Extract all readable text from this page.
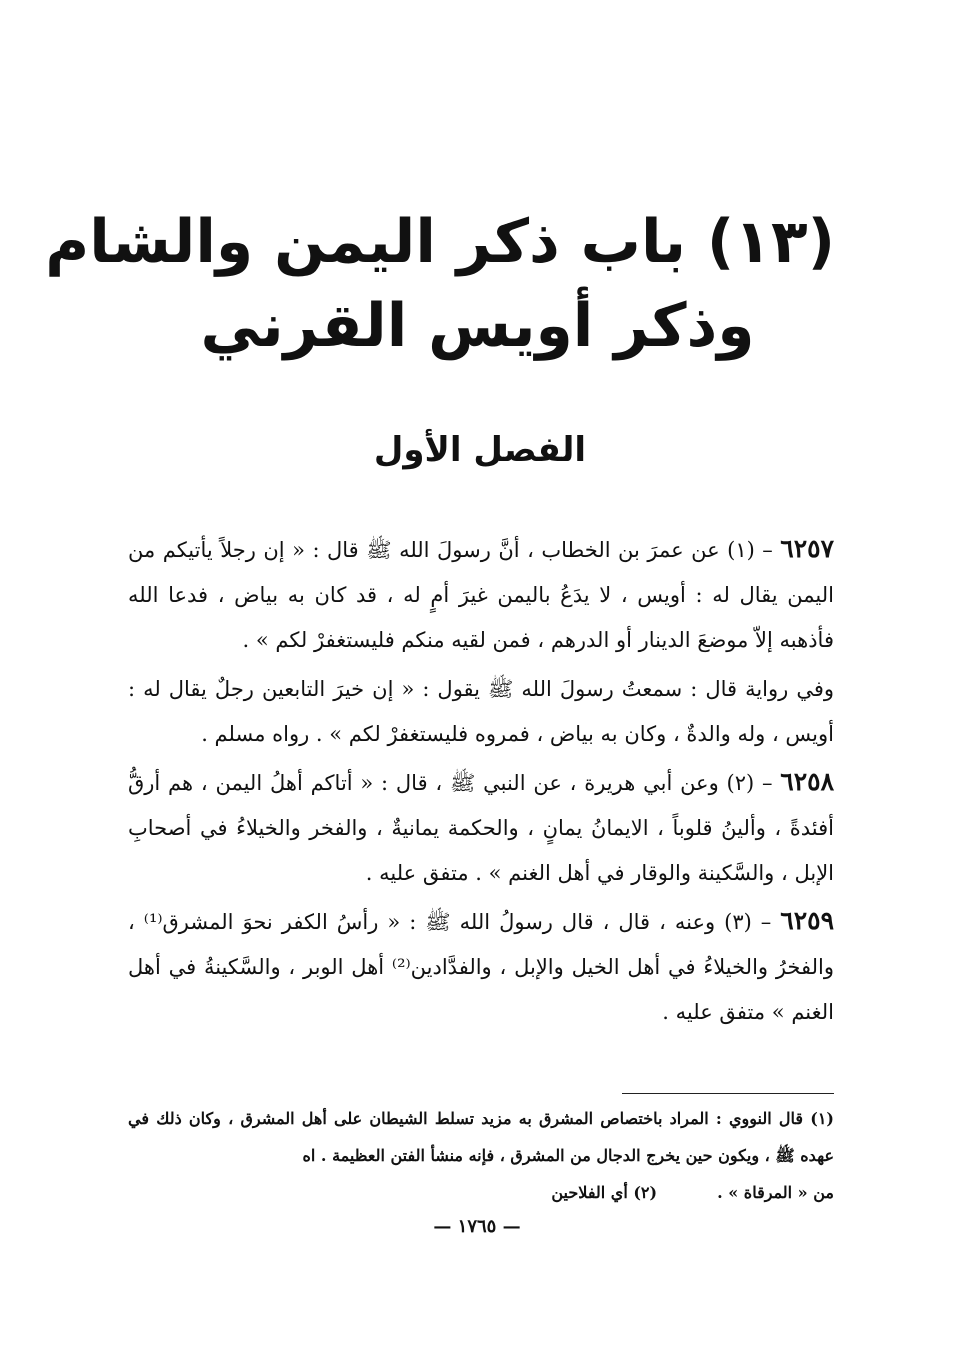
(١٣) باب ذكر اليمن والشام
وذكر أويس القرني
الفصل الأول

٦٢٥٧ – (١) عن عمرَ بن الخطاب ، أنَّ رسولَ الله ﷺ قال : « إن رجلاً يأتيكم من اليمن يقال له : أويس ، لا يدَعُ باليمن غيرَ أمٍ له ، قد كان به بياض ، فدعا الله فأذهبه إلاّ موضعَ الدينار أو الدرهم ، فمن لقيه منكم فليستغفرْ لكم » .

وفي رواية قال : سمعتُ رسولَ الله ﷺ يقول : « إن خيرَ التابعين رجلٌ يقال له : أويس ، وله والدةٌ ، وكان به بياض ، فمروه فليستغفرْ لكم » . رواه مسلم .

٦٢٥٨ – (٢) وعن أبي هريرة ، عن النبي ﷺ ، قال : « أتاكم أهلُ اليمن ، هم أرقُّ أفئدةً ، وألينُ قلوباً ، الايمانُ يمانٍ ، والحكمة يمانيةٌ ، والفخر والخيلاءُ في أصحابِ الإبل ، والسَّكينة والوقار في أهل الغنم » . متفق عليه .

٦٢٥٩ – (٣) وعنه ، قال ، قال رسولُ الله ﷺ : « رأسُ الكفر نحوَ المشرق⁽¹⁾ ، والفخرُ والخيلاءُ في أهل الخيل والإبل ، والفدَّادين⁽²⁾ أهل الوبر ، والسَّكينةُ في أهل الغنم » متفق عليه .

(١) قال النووي : المراد باختصاص المشرق به مزيد تسلط الشيطان على أهل المشرق ، وكان ذلك في عهده ﷺ ، ويكون حين يخرج الدجال من المشرق ، فإنه منشأ الفتن العظيمة . اه

من « المرقاة » .
(٢) أي الفلاحين

— ١٧٦٥ —
